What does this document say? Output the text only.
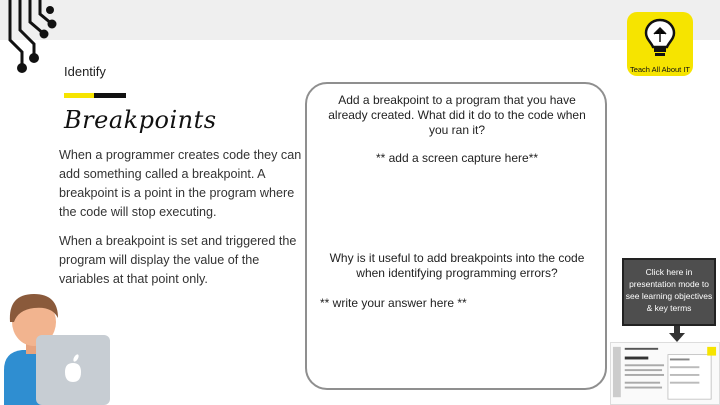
Identify
Breakpoints
When a programmer creates code they can add something called a breakpoint. A breakpoint is a point in the program where the code will stop executing.
When a breakpoint is set and triggered the program will display the value of the variables at that point only.
Add a breakpoint to a program that you have already created. What did it do to the code when you ran it?
** add a screen capture here**
Why is it useful to add breakpoints into the code when identifying programming errors?
** write your answer here **
Teach All About IT
Click here in presentation mode to see learning objectives & key terms
